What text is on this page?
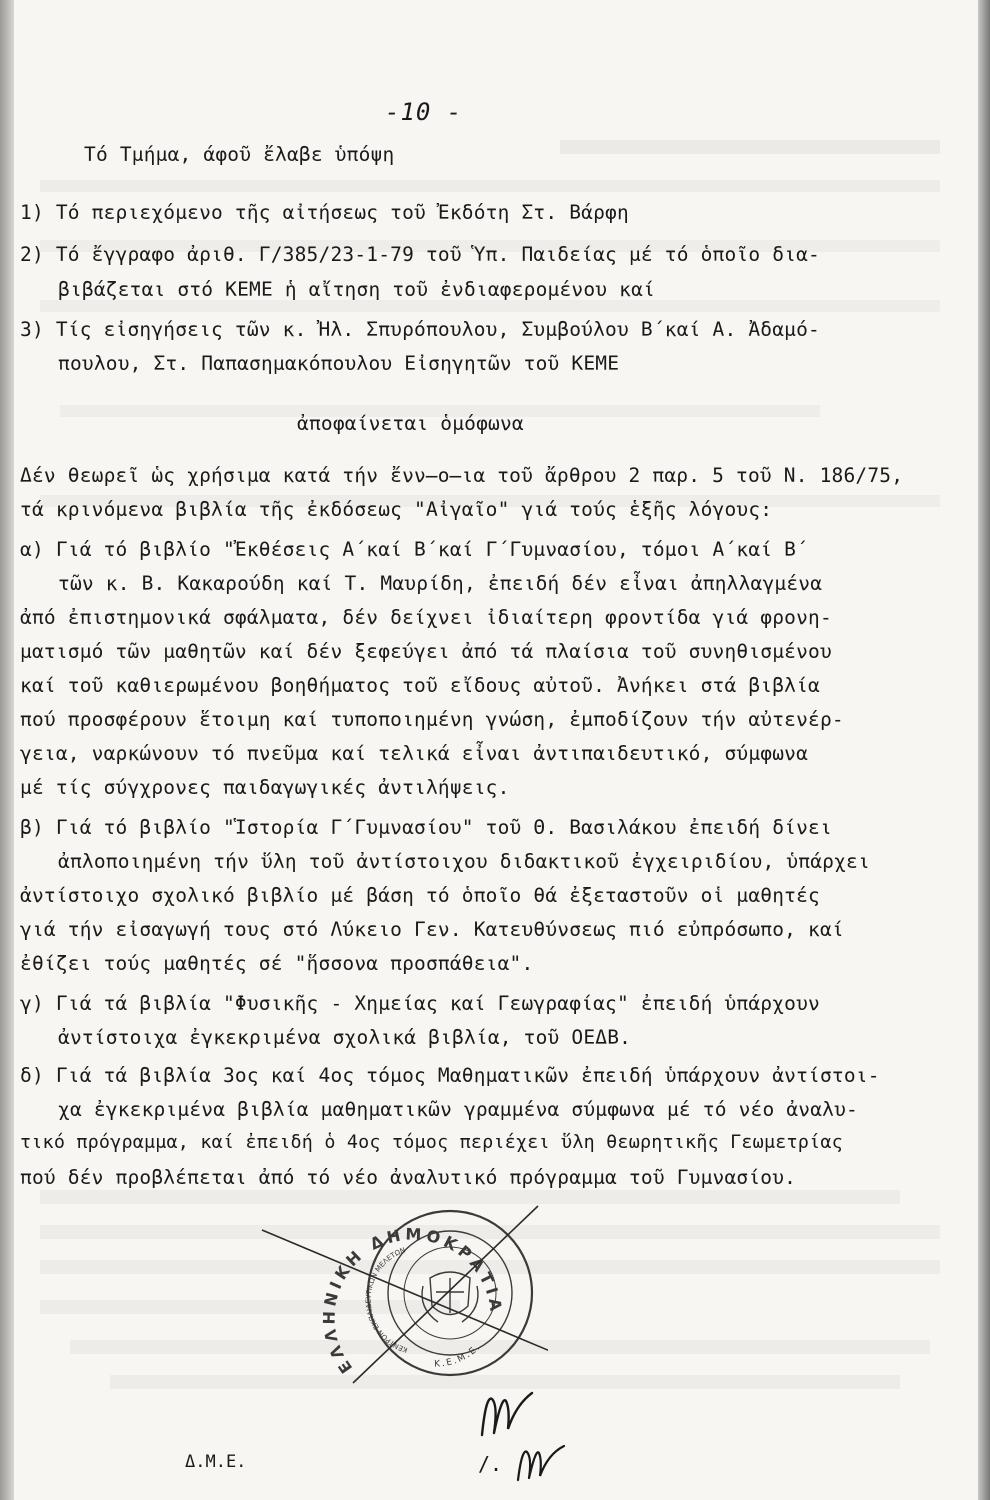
-10 -
Τό Τμήμα, άφοῦ ἔλαβε ὑπόψη
1) Τό περιεχόμενο τῆς αἰτήσεως τοῦ Ἐκδότη Στ. Βάρφη
2) Τό ἔγγραφο ἀριθ. Γ/385/23-1-79 τοῦ Ὑπ. Παιδείας μέ τό ὁποῖο δια-
βιβάζεται στό ΚΕΜΕ ἡ αἴτηση τοῦ ἐνδιαφερομένου καί
3) Τίς εἰσηγήσεις τῶν κ. Ἠλ. Σπυρόπουλου, Συμβούλου Β΄καί Α. Ἀδαμό-
πουλου, Στ. Παπασημακόπουλου Εἰσηγητῶν τοῦ ΚΕΜΕ
ἀποφαίνεται ὁμόφωνα
Δέν θεωρεῖ ὡς χρήσιμα κατά τήν ἔνν̶ο̶ια τοῦ ἄρθρου 2 παρ. 5 τοῦ Ν. 186/75,
τά κρινόμενα βιβλία τῆς ἐκδόσεως "Αἰγαῖο" γιά τούς ἑξῆς λόγους:
α) Γιά τό βιβλίο "Ἐκθέσεις Α΄καί Β΄καί Γ΄Γυμνασίου, τόμοι Α΄καί Β΄
τῶν κ. Β. Κακαρούδη καί Τ. Μαυρίδη, ἐπειδή δέν εἶναι ἀπηλλαγμένα
ἀπό ἐπιστημονικά σφάλματα, δέν δείχνει ἰδιαίτερη φροντίδα γιά φρονη-
ματισμό τῶν μαθητῶν καί δέν ξεφεύγει ἀπό τά πλαίσια τοῦ συνηθισμένου
καί τοῦ καθιερωμένου βοηθήματος τοῦ εἴδους αὐτοῦ. Ἀνήκει στά βιβλία
πού προσφέρουν ἕτοιμη καί τυποποιημένη γνώση, ἐμποδίζουν τήν αὐτενέρ-
γεια, ναρκώνουν τό πνεῦμα καί τελικά εἶναι ἀντιπαιδευτικό, σύμφωνα
μέ τίς σύγχρονες παιδαγωγικές ἀντιλήψεις.
β) Γιά τό βιβλίο "Ἱστορία Γ΄Γυμνασίου" τοῦ Θ. Βασιλάκου ἐπειδή δίνει
ἀπλοποιημένη τήν ὕλη τοῦ ἀντίστοιχου διδακτικοῦ ἐγχειριδίου, ὑπάρχει
ἀντίστοιχο σχολικό βιβλίο μέ βάση τό ὁποῖο θά ἐξεταστοῦν οἱ μαθητές
γιά τήν εἰσαγωγή τους στό Λύκειο Γεν. Κατευθύνσεως πιό εὐπρόσωπο, καί
ἐθίζει τούς μαθητές σέ "ἥσσονα προσπάθεια".
γ) Γιά τά βιβλία "Φυσικῆς - Χημείας καί Γεωγραφίας" ἐπειδή ὑπάρχουν
ἀντίστοιχα ἐγκεκριμένα σχολικά βιβλία, τοῦ ΟΕΔΒ.
δ) Γιά τά βιβλία 3ος καί 4ος τόμος Μαθηματικῶν ἐπειδή ὑπάρχουν ἀντίστοι-
χα ἐγκεκριμένα βιβλία μαθηματικῶν γραμμένα σύμφωνα μέ τό νέο ἀναλυ-
τικό πρόγραμμα, καί ἐπειδή ὁ 4ος τόμος περιέχει ὕλη θεωρητικῆς Γεωμετρίας
πού δέν προβλέπεται ἀπό τό νέο ἀναλυτικό πρόγραμμα τοῦ Γυμνασίου.
ΕΛΛΗΝΙΚΗ ΔΗΜΟΚΡΑΤΙΑ
ΚΕΝΤΡΟΝ ΕΚΠΑΙΔΕΥΤΙΚΩΝ ΜΕΛΕΤΩΝ
Κ.Ε.Μ.Ε.
Δ.Μ.Ε.	/.
